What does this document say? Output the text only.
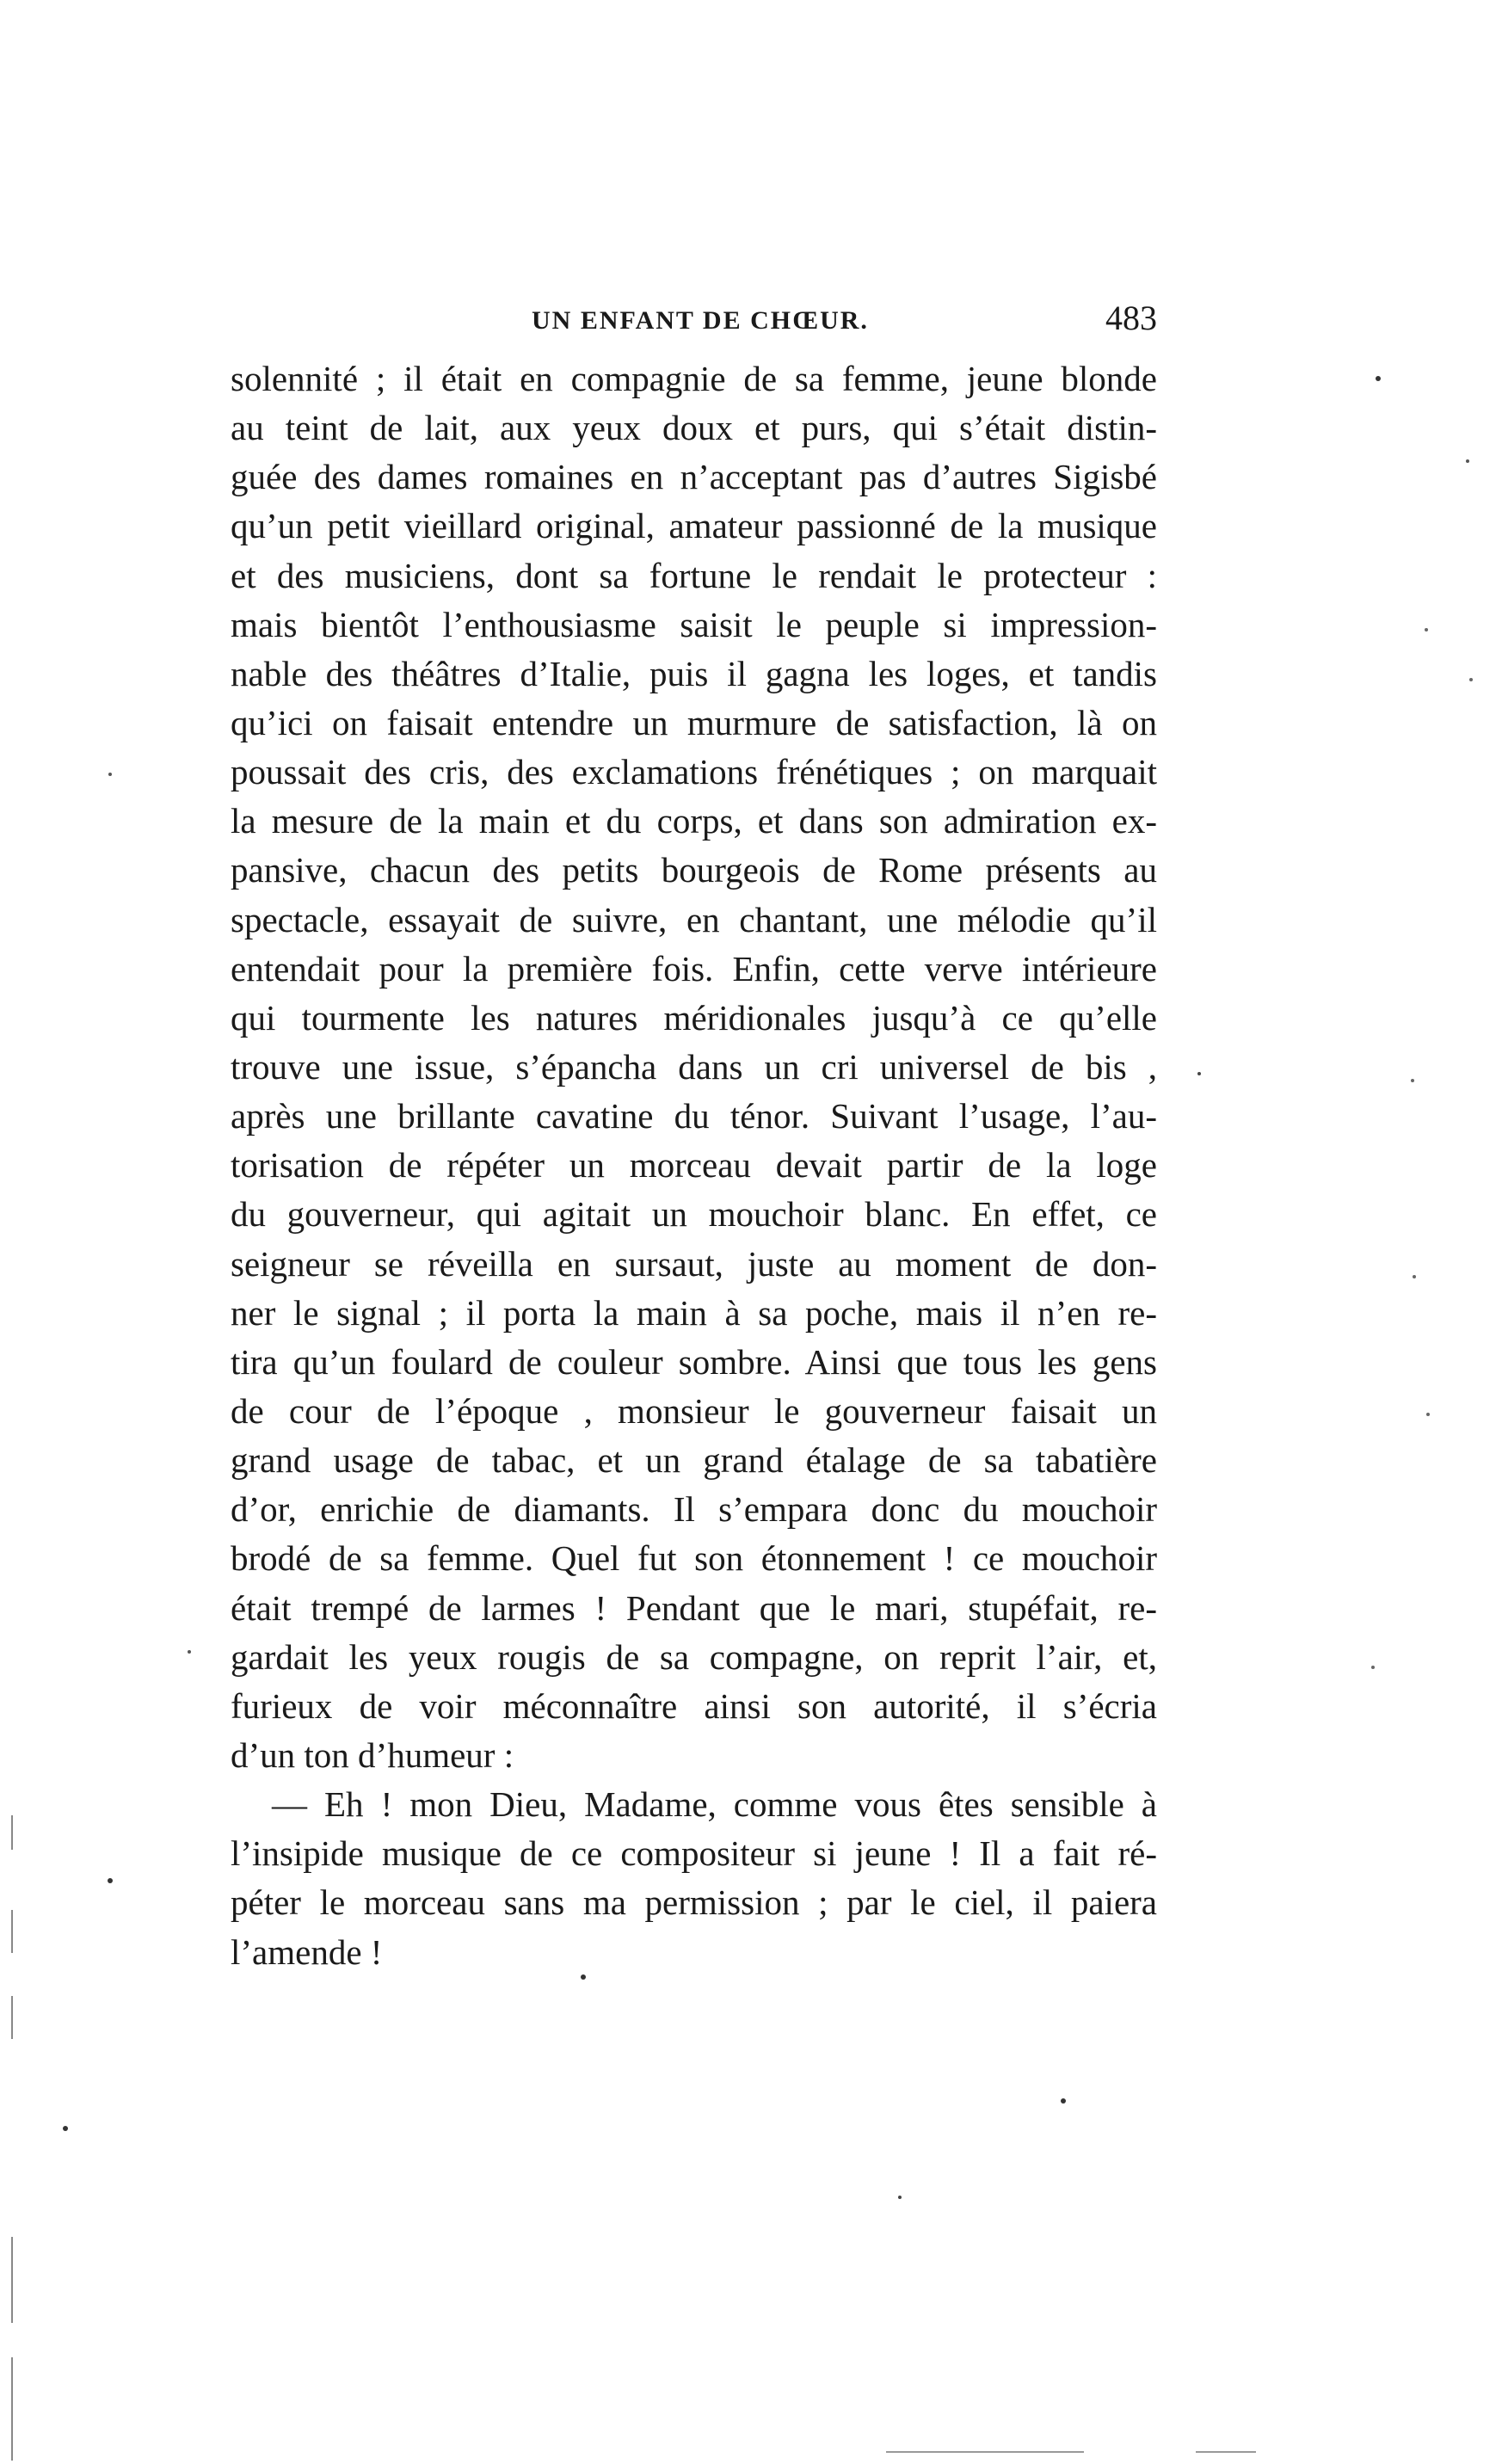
UN ENFANT DE CHŒUR.	483
solennité ; il était en compagnie de sa femme, jeune blonde
au teint de lait, aux yeux doux et purs, qui s’était distin-
guée des dames romaines en n’acceptant pas d’autres Sigisbé
qu’un petit vieillard original, amateur passionné de la musique
et des musiciens, dont sa fortune le rendait le protecteur :
mais bientôt l’enthousiasme saisit le peuple si impression-
nable des théâtres d’Italie, puis il gagna les loges, et tandis
qu’ici on faisait entendre un murmure de satisfaction, là on
poussait des cris, des exclamations frénétiques ; on marquait
la mesure de la main et du corps, et dans son admiration ex-
pansive, chacun des petits bourgeois de Rome présents au
spectacle, essayait de suivre, en chantant, une mélodie qu’il
entendait pour la première fois. Enfin, cette verve intérieure
qui tourmente les natures méridionales jusqu’à ce qu’elle
trouve une issue, s’épancha dans un cri universel de bis ,
après une brillante cavatine du ténor. Suivant l’usage, l’au-
torisation de répéter un morceau devait partir de la loge
du gouverneur, qui agitait un mouchoir blanc. En effet, ce
seigneur se réveilla en sursaut, juste au moment de don-
ner le signal ; il porta la main à sa poche, mais il n’en re-
tira qu’un foulard de couleur sombre. Ainsi que tous les gens
de cour de l’époque , monsieur le gouverneur faisait un
grand usage de tabac, et un grand étalage de sa tabatière
d’or, enrichie de diamants. Il s’empara donc du mouchoir
brodé de sa femme. Quel fut son étonnement ! ce mouchoir
était trempé de larmes ! Pendant que le mari, stupéfait, re-
gardait les yeux rougis de sa compagne, on reprit l’air, et,
furieux de voir méconnaître ainsi son autorité, il s’écria
d’un ton d’humeur :
— Eh ! mon Dieu, Madame, comme vous êtes sensible à
l’insipide musique de ce compositeur si jeune ! Il a fait ré-
péter le morceau sans ma permission ; par le ciel, il paiera
l’amende !
